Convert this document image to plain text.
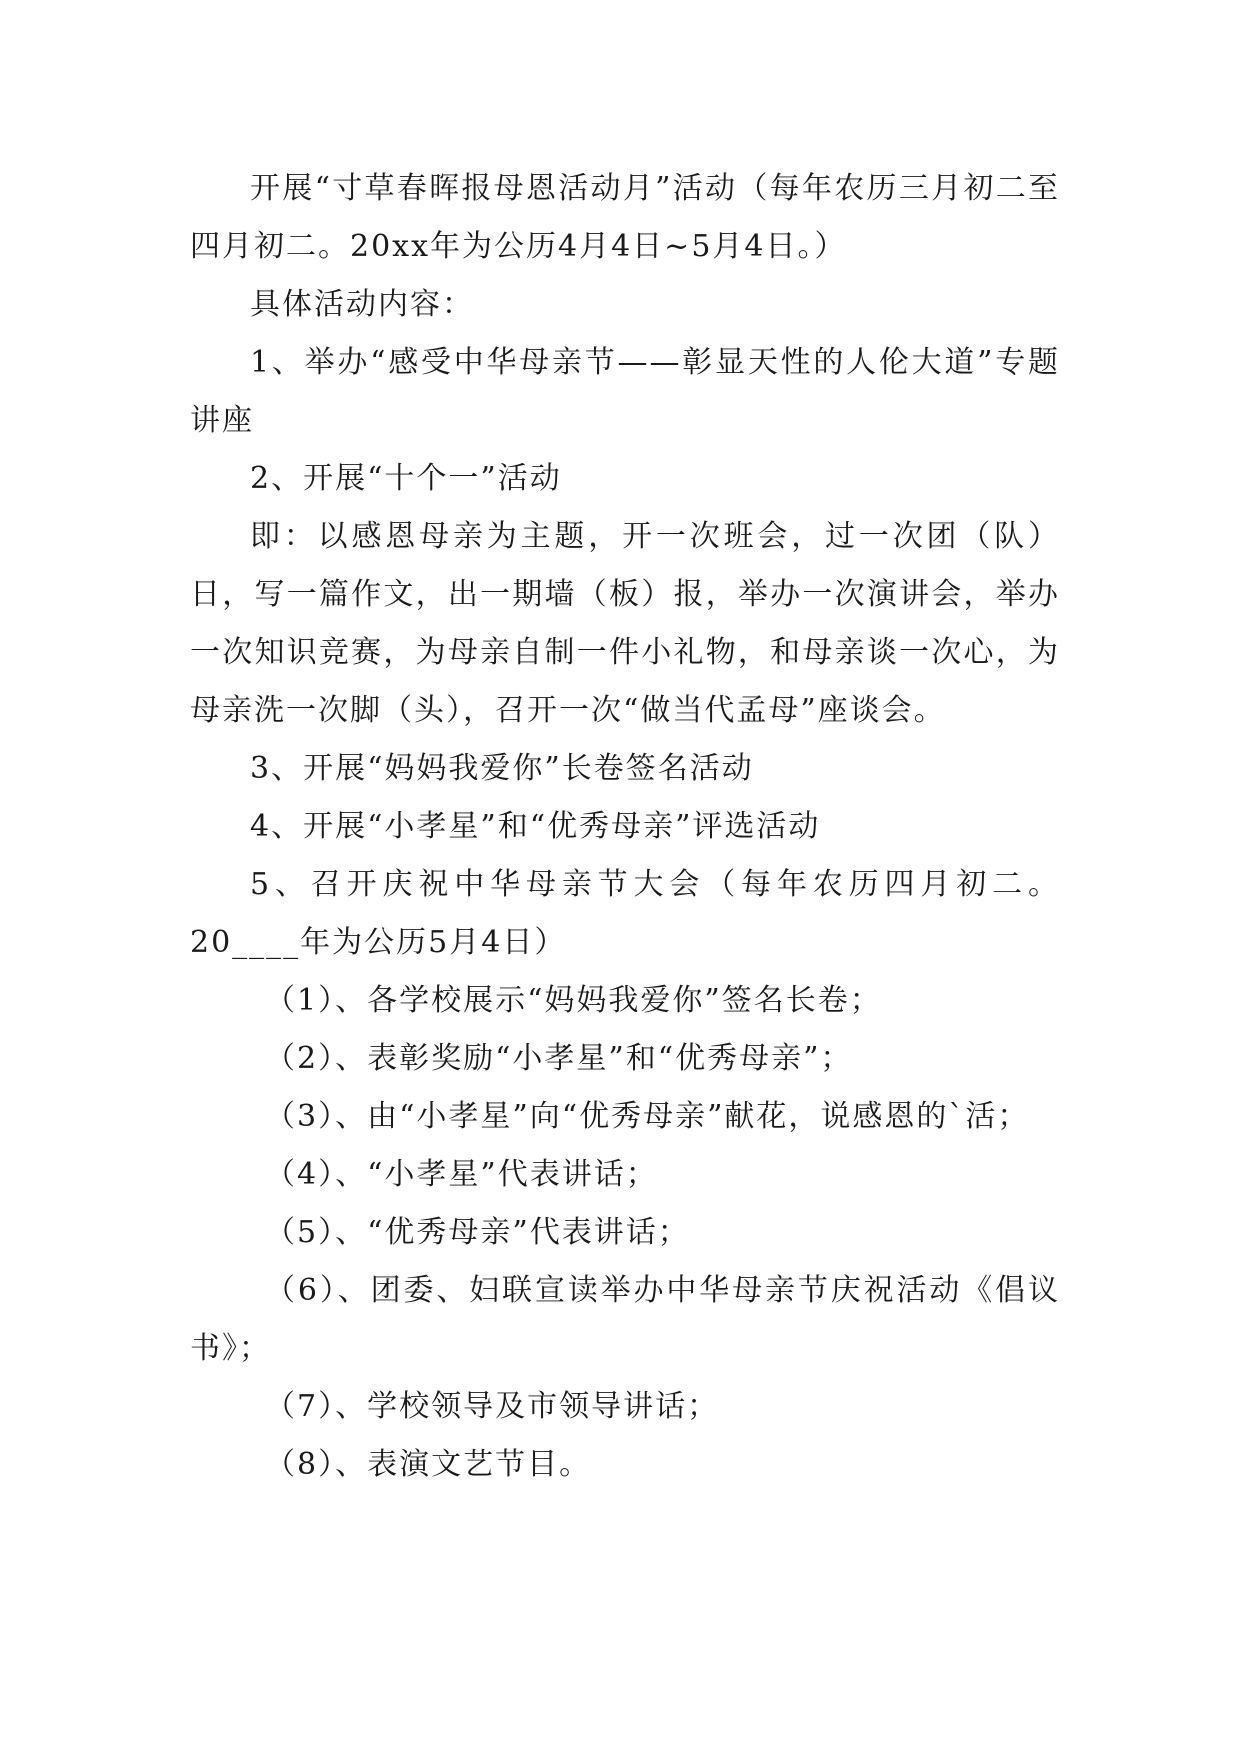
开展“寸草春晖报母恩活动月”活动（每年农历三月初二至四月初二。20xx年为公历4月4日~5月4日。）

具体活动内容：

1、举办“感受中华母亲节——彰显天性的人伦大道”专题讲座

2、开展“十个一”活动

即：以感恩母亲为主题，开一次班会，过一次团（队）日，写一篇作文，出一期墙（板）报，举办一次演讲会，举办一次知识竞赛，为母亲自制一件小礼物，和母亲谈一次心，为母亲洗一次脚（头），召开一次“做当代孟母”座谈会。

3、开展“妈妈我爱你”长卷签名活动

4、开展“小孝星”和“优秀母亲”评选活动

5、召开庆祝中华母亲节大会（每年农历四月初二。20____年为公历5月4日）

（1）、各学校展示“妈妈我爱你”签名长卷；

（2）、表彰奖励“小孝星”和“优秀母亲”；

（3）、由“小孝星”向“优秀母亲”献花，说感恩的`活；

（4）、“小孝星”代表讲话；

（5）、“优秀母亲”代表讲话；

（6）、团委、妇联宣读举办中华母亲节庆祝活动《倡议书》；

（7）、学校领导及市领导讲话；

（8）、表演文艺节目。
